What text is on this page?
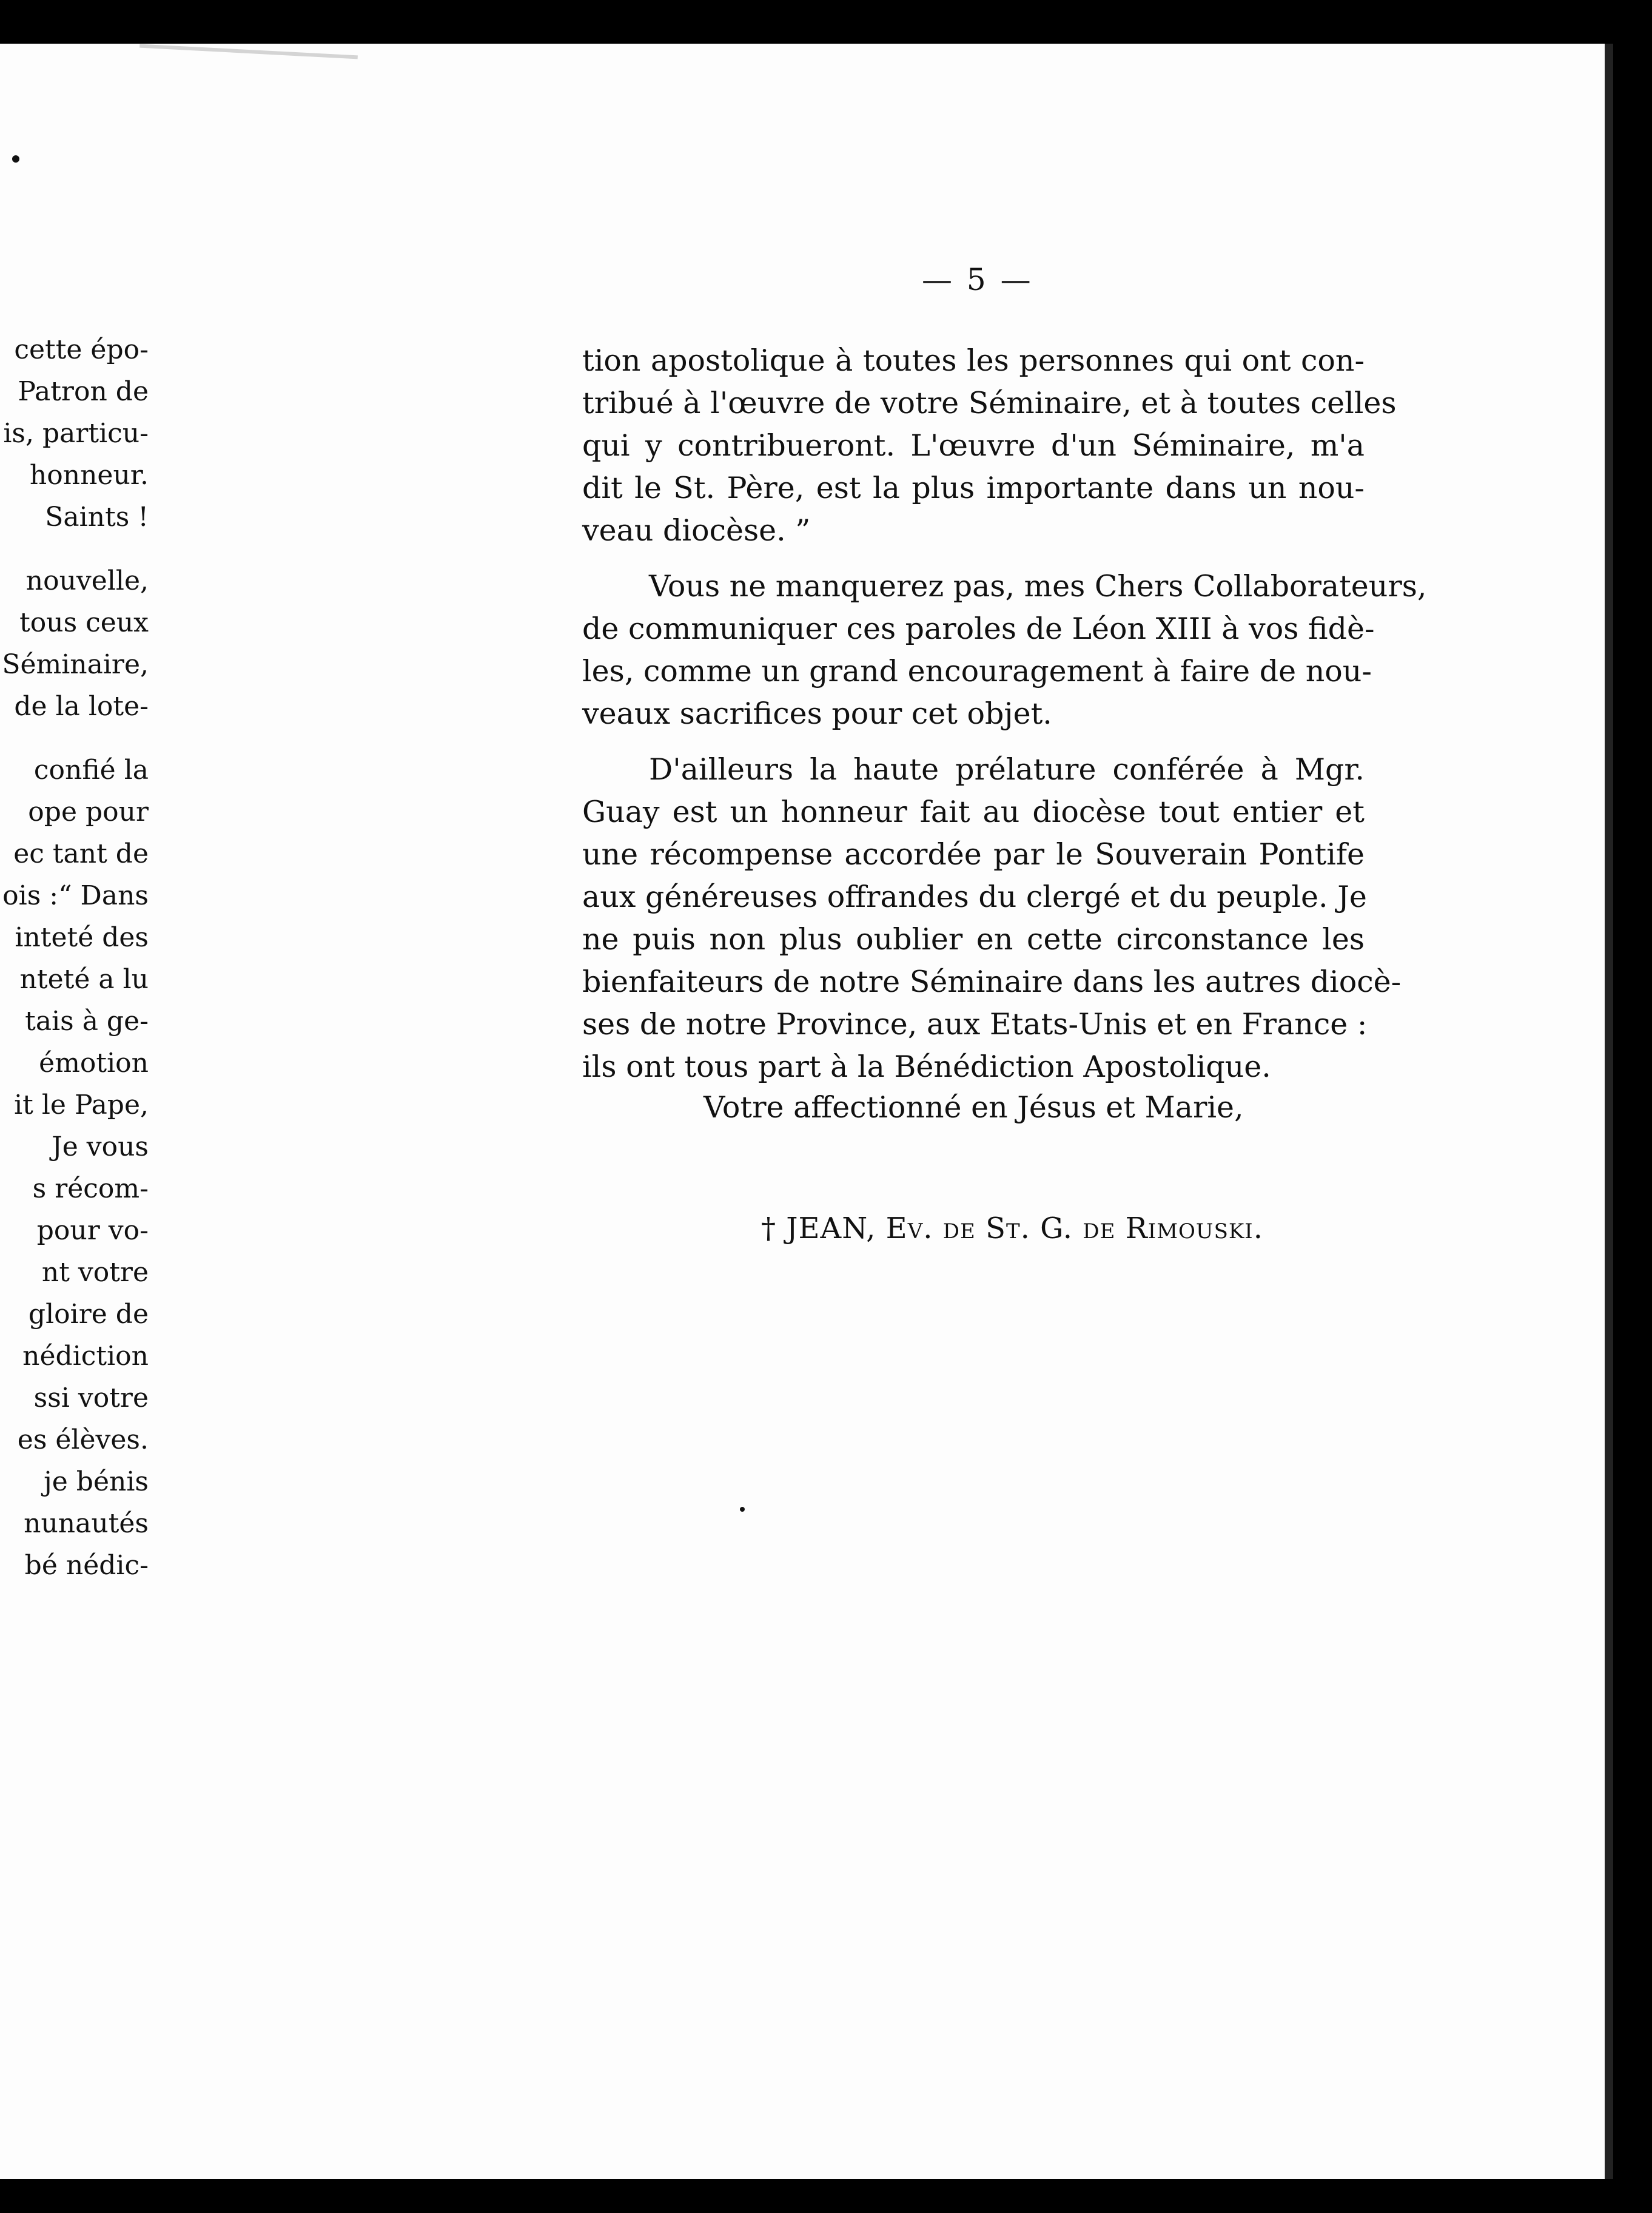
cette épo-
Patron de
is, particu-
honneur.
Saints !
nouvelle,
tous ceux
Séminaire,
de la lote-
confié la
ope pour
ec tant de
ois :“ Dans
inteté des
nteté a lu
tais à ge-
émotion
it le Pape,
Je vous
s récom-
pour vo-
nt votre
gloire de
nédiction
ssi votre
es élèves.
je bénis
nunautés
bé nédic-
— 5 —
tion apostolique à toutes les personnes qui ont con-
tribué à l'œuvre de votre Séminaire, et à toutes celles
qui y contribueront. L'œuvre d'un Séminaire, m'a
dit le St. Père, est la plus importante dans un nou-
veau diocèse. ”
Vous ne manquerez pas, mes Chers Collaborateurs,
de communiquer ces paroles de Léon XIII à vos fidè-
les, comme un grand encouragement à faire de nou-
veaux sacrifices pour cet objet.
D'ailleurs la haute prélature conférée à Mgr.
Guay est un honneur fait au diocèse tout entier et
une récompense accordée par le Souverain Pontife
aux généreuses offrandes du clergé et du peuple. Je
ne puis non plus oublier en cette circonstance les
bienfaiteurs de notre Séminaire dans les autres diocè-
ses de notre Province, aux Etats-Unis et en France :
ils ont tous part à la Bénédiction Apostolique.
Votre affectionné en Jésus et Marie,
† JEAN, Ev. de St. G. de Rimouski.
